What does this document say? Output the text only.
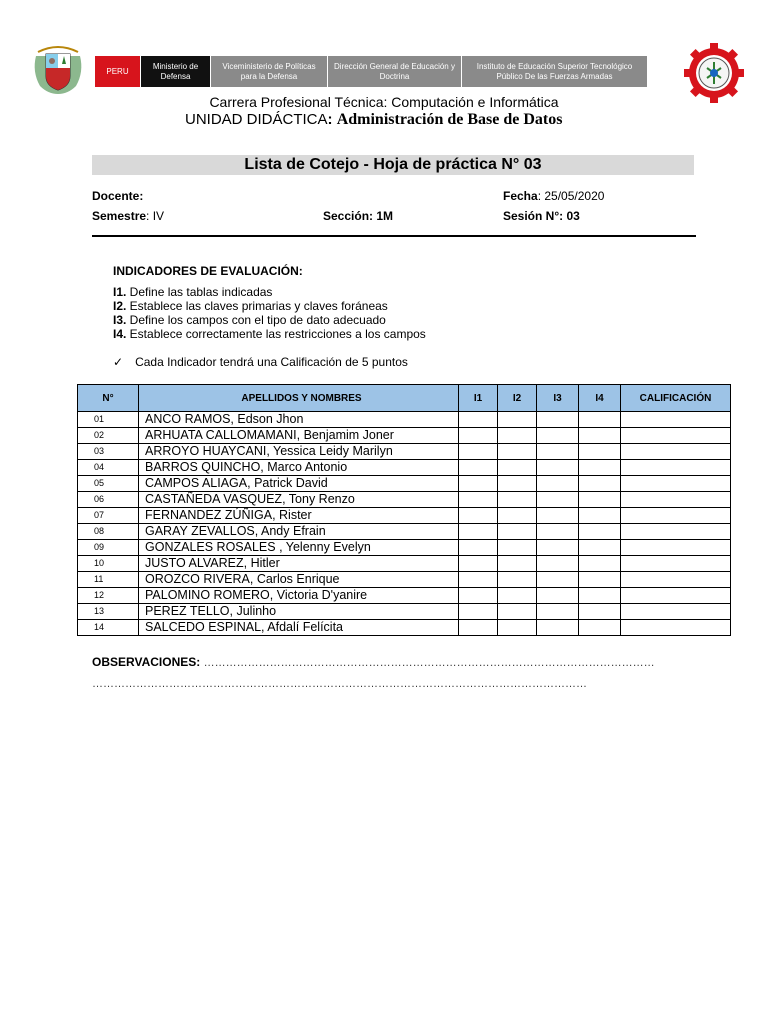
PERU
Ministerio de Defensa
Viceministerio de Políticas para la Defensa
Dirección General de Educación y Doctrina
Instituto de Educación Superior Tecnológico Público De las Fuerzas Armadas
Carrera Profesional Técnica: Computación e Informática
UNIDAD DIDÁCTICA: Administración de Base de Datos
Lista de Cotejo - Hoja de práctica N° 03
Docente:	Fecha: 25/05/2020
Semestre: IV	Sección: 1M	Sesión N°: 03
INDICADORES DE EVALUACIÓN:
I1. Define las tablas indicadas
I2. Establece las claves primarias y claves foráneas
I3. Define los campos con el tipo de dato adecuado
I4. Establece correctamente las restricciones a los campos
✓ Cada Indicador tendrá una Calificación de 5 puntos
N°	APELLIDOS Y NOMBRES	I1	I2	I3	I4	CALIFICACIÓN
01	ANCO RAMOS, Edson Jhon					
02	ARHUATA CALLOMAMANI, Benjamim Joner					
03	ARROYO HUAYCANI, Yessica Leidy Marilyn					
04	BARROS QUINCHO, Marco Antonio					
05	CAMPOS ALIAGA, Patrick David					
06	CASTAÑEDA VASQUEZ, Tony Renzo					
07	FERNANDEZ ZÚÑIGA, Rister					
08	GARAY ZEVALLOS, Andy Efrain					
09	GONZALES ROSALES , Yelenny Evelyn					
10	JUSTO ALVAREZ, Hitler					
11	OROZCO RIVERA, Carlos Enrique					
12	PALOMINO ROMERO, Victoria D'yanire					
13	PEREZ TELLO, Julinho					
14	SALCEDO ESPINAL, Afdalí Felícita					
OBSERVACIONES: ……………………………………………………………………………………………………………
………………………………………………………………………………………………………………………
